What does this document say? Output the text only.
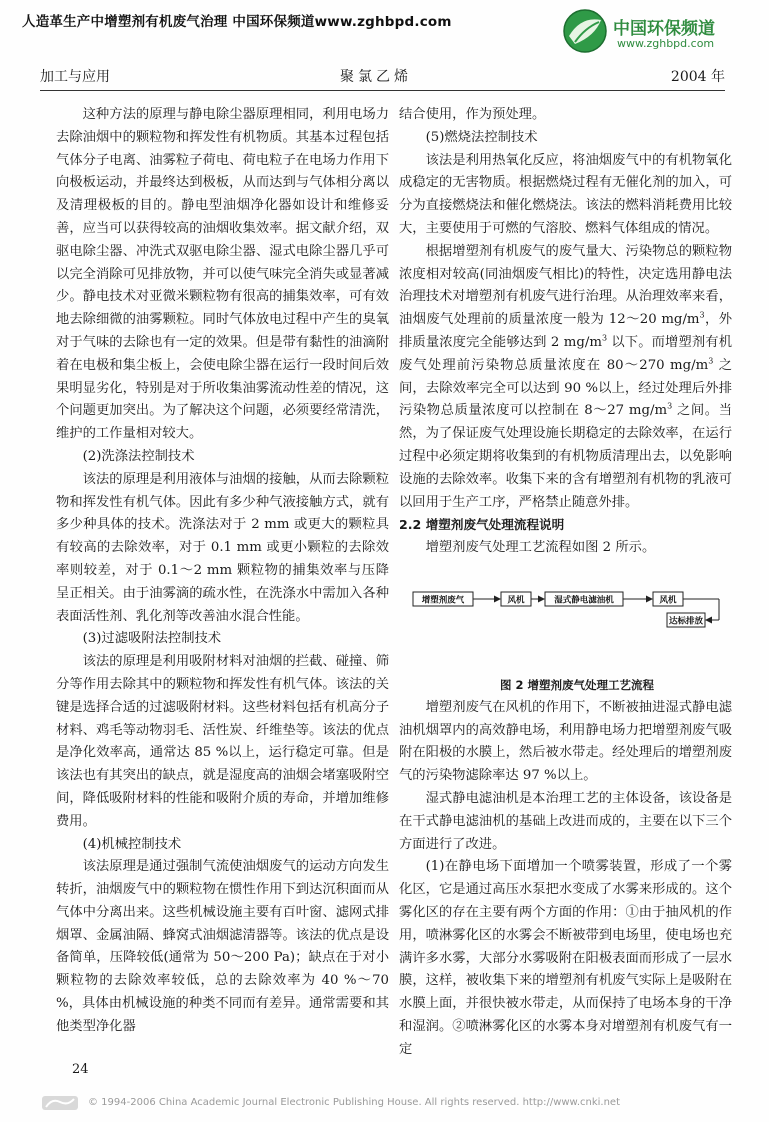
人造革生产中增塑剂有机废气治理 中国环保频道www.zghbpd.com	中国环保频道
www.zghbpd.com
加工与应用	聚氯乙烯	2004 年

这种方法的原理与静电除尘器原理相同，利用电场力去除油烟中的颗粒物和挥发性有机物质。其基本过程包括气体分子电离、油雾粒子荷电、荷电粒子在电场力作用下向极板运动，并最终达到极板，从而达到与气体相分离以及清理极板的目的。静电型油烟净化器如设计和维修妥善，应当可以获得较高的油烟收集效率。据文献介绍，双驱电除尘器、冲洗式双驱电除尘器、湿式电除尘器几乎可以完全消除可见排放物，并可以使气味完全消失或显著减少。静电技术对亚微米颗粒物有很高的捕集效率，可有效地去除细微的油雾颗粒。同时气体放电过程中产生的臭氧对于气味的去除也有一定的效果。但是带有黏性的油滴附着在电极和集尘板上，会使电除尘器在运行一段时间后效果明显劣化，特别是对于所收集油雾流动性差的情况，这个问题更加突出。为了解决这个问题，必须要经常清洗，维护的工作量相对较大。

(2)洗涤法控制技术

该法的原理是利用液体与油烟的接触，从而去除颗粒物和挥发性有机气体。因此有多少种气液接触方式，就有多少种具体的技术。洗涤法对于 2 mm 或更大的颗粒具有较高的去除效率，对于 0.1 mm 或更小颗粒的去除效率则较差，对于 0.1～2 mm 颗粒物的捕集效率与压降呈正相关。由于油雾滴的疏水性，在洗涤水中需加入各种表面活性剂、乳化剂等改善油水混合性能。

(3)过滤吸附法控制技术

该法的原理是利用吸附材料对油烟的拦截、碰撞、筛分等作用去除其中的颗粒物和挥发性有机气体。该法的关键是选择合适的过滤吸附材料。这些材料包括有机高分子材料、鸡毛等动物羽毛、活性炭、纤维垫等。该法的优点是净化效率高，通常达 85 %以上，运行稳定可靠。但是该法也有其突出的缺点，就是湿度高的油烟会堵塞吸附空间，降低吸附材料的性能和吸附介质的寿命，并增加维修费用。

(4)机械控制技术

该法原理是通过强制气流使油烟废气的运动方向发生转折，油烟废气中的颗粒物在惯性作用下到达沉积面而从气体中分离出来。这些机械设施主要有百叶窗、滤网式排烟罩、金属油隔、蜂窝式油烟滤清器等。该法的优点是设备简单，压降较低(通常为 50～200 Pa)；缺点在于对小颗粒物的去除效率较低，总的去除效率为 40 %～70 %，具体由机械设施的种类不同而有差异。通常需要和其他类型净化器

结合使用，作为预处理。

(5)燃烧法控制技术

该法是利用热氧化反应，将油烟废气中的有机物氧化成稳定的无害物质。根据燃烧过程有无催化剂的加入，可分为直接燃烧法和催化燃烧法。该法的燃料消耗费用比较大，主要使用于可燃的气溶胶、燃料气体组成的情况。

根据增塑剂有机废气的废气量大、污染物总的颗粒物浓度相对较高(同油烟废气相比)的特性，决定选用静电法治理技术对增塑剂有机废气进行治理。从治理效率来看，油烟废气处理前的质量浓度一般为 12～20 $mg/m^3$，外排质量浓度完全能够达到 2 $mg/m^3$ 以下。而增塑剂有机废气处理前污染物总质量浓度在 80～270 $mg/m^3$ 之间，去除效率完全可以达到 90 %以上，经过处理后外排污染物总质量浓度可以控制在 8～27 $mg/m^3$ 之间。当然，为了保证废气处理设施长期稳定的去除效率，在运行过程中必须定期将收集到的有机物质清理出去，以免影响设施的去除效率。收集下来的含有增塑剂有机物的乳液可以回用于生产工序，严格禁止随意外排。

2.2 增塑剂废气处理流程说明

增塑剂废气处理工艺流程如图 2 所示。

增塑剂废气	风机	湿式静电滤油机	风机
达标排放

图 2 增塑剂废气处理工艺流程

增塑剂废气在风机的作用下，不断被抽进湿式静电滤油机烟罩内的高效静电场，利用静电场力把增塑剂废气吸附在阳极的水膜上，然后被水带走。经处理后的增塑剂废气的污染物滤除率达 97 %以上。

湿式静电滤油机是本治理工艺的主体设备，该设备是在干式静电滤油机的基础上改进而成的，主要在以下三个方面进行了改进。

(1)在静电场下面增加一个喷雾装置，形成了一个雾化区，它是通过高压水泵把水变成了水雾来形成的。这个雾化区的存在主要有两个方面的作用：①由于抽风机的作用，喷淋雾化区的水雾会不断被带到电场里，使电场也充满许多水雾，大部分水雾吸附在阳极表面而形成了一层水膜，这样，被收集下来的增塑剂有机废气实际上是吸附在水膜上面，并很快被水带走，从而保持了电场本身的干净和湿润。②喷淋雾化区的水雾本身对增塑剂有机废气有一定

24
© 1994-2006 China Academic Journal Electronic Publishing House. All rights reserved. http://www.cnki.net
